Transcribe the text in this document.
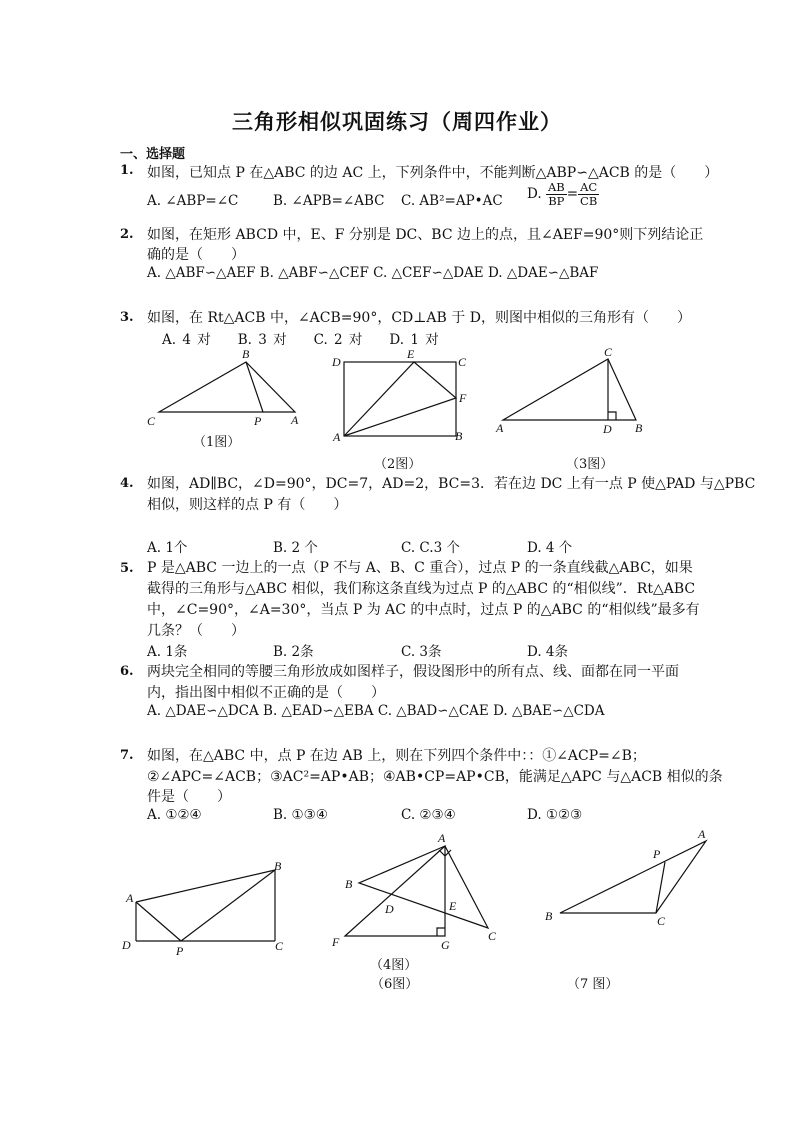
三角形相似巩固练习（周四作业）
一、选择题
1. 如图，已知点 P 在△ABC 的边 AC 上，下列条件中，不能判断△ABP∽△ACB 的是（　　）
A. ∠ABP=∠C	B. ∠APB=∠ABC C. AB²=AP•AC D. $\frac{AB}{BP} = \frac{AC}{CB}$
2. 如图，在矩形 ABCD 中，E、F 分别是 DC、BC 边上的点，且∠AEF=90°则下列结论正
确的是（　　）
A. △ABF∽△AEF B. △ABF∽△CEF C. △CEF∽△DAE D. △DAE∽△BAF
3. 如图，在 Rt△ACB 中，∠ACB=90°，CD⊥AB 于 D，则图中相似的三角形有（　　）
A. 4 对　　B. 3 对　　C. 2 对　　D. 1 对
B
C	P A
（1图）
D
E
C
F
A	B
（2图）
C
A	D B
（3图）
4. 如图，AD∥BC，∠D=90°，DC=7，AD=2，BC=3．若在边 DC 上有一点 P 使△PAD 与△PBC
相似，则这样的点 P 有（　　）
A. 1个	B. 2 个	C. C.3 个	D. 4 个
5. P 是△ABC 一边上的一点（P 不与 A、B、C 重合），过点 P 的一条直线截△ABC，如果
截得的三角形与△ABC 相似，我们称这条直线为过点 P 的△ABC 的“相似线”．Rt△ABC
中，∠C=90°，∠A=30°，当点 P 为 AC 的中点时，过点 P 的△ABC 的“相似线”最多有
几条？（　　）
A. 1条	B. 2条	C. 3条	D. 4条
6. 两块完全相同的等腰三角形放成如图样子，假设图形中的所有点、线、面都在同一平面
内，指出图中相似不正确的是（　　）
A. △DAE∽△DCA B. △EAD∽△EBA C. △BAD∽△CAE D. △BAE∽△CDA
7. 如图，在△ABC 中，点 P 在边 AB 上，则在下列四个条件中：：①∠ACP=∠B；
②∠APC=∠ACB；③AC²=AP•AB；④AB•CP=AP•CB，能满足△APC 与△ACB 相似的条
件是（　　）
A. ①②④	B. ①③④	C. ②③④	D. ①②③
A
B
D	P	C
（4图）
A
B
D	E
C
F	G
（6图）
A
P
B	C
（7 图）
